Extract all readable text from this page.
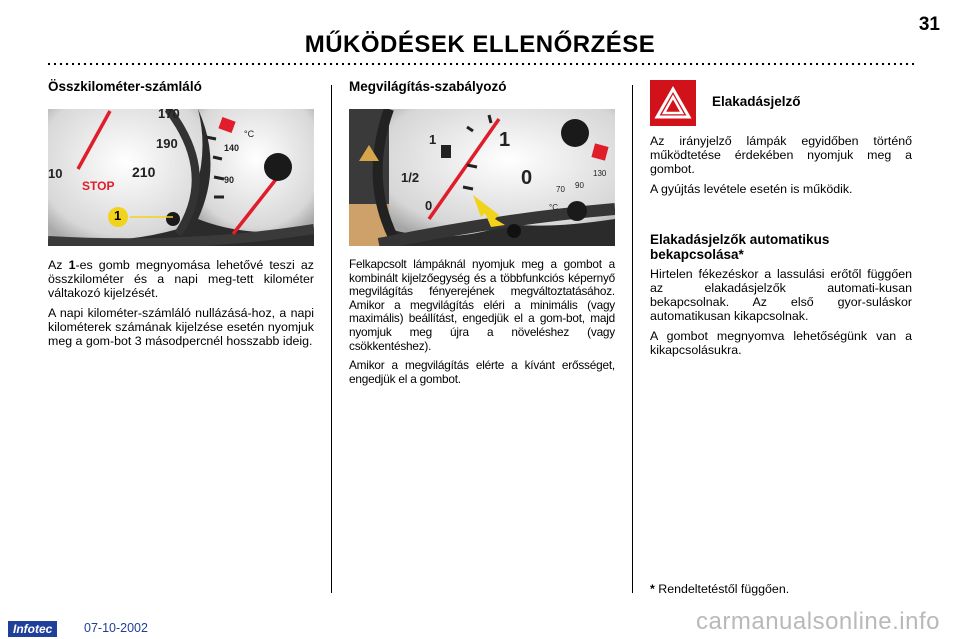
31
MŰKÖDÉSEK ELLENŐRZÉSE
Összkilométer-számláló
170
190
210
10
140
90
°C
STOP
1

Az 1-es gomb megnyomása lehetővé teszi az összkilométer és a napi meg-tett kilométer váltakozó kijelzését.

A napi kilométer-számláló nullázásá-hoz, a napi kilométerek számának kijelzése esetén nyomjuk meg a gom-bot 3 másodpercnél hosszabb ideig.

Megvilágítás-szabályozó
1
1/2
0
1
0
70 90
130
°C

Felkapcsolt lámpáknál nyomjuk meg a gombot a kombinált kijelzőegység és a többfunkciós képernyő megvilágítás fényerejének megváltoztatásához. Amikor a megvilágítás eléri a minimális (vagy maximális) beállítást, engedjük el a gom-bot, majd nyomjuk meg újra a növeléshez (vagy csökkentéshez).

Amikor a megvilágítás elérte a kívánt erősséget, engedjük el a gombot.

Elakadásjelző

Az irányjelző lámpák egyidőben történő működtetése érdekében nyomjuk meg a gombot.

A gyújtás levétele esetén is működik.

Elakadásjelzők automatikus bekapcsolása*

Hirtelen fékezéskor a lassulási erőtől függően az elakadásjelzők automati-kusan bekapcsolnak. Az első gyor-suláskor automatikusan kikapcsolnak.

A gombot megnyomva lehetőségünk van a kikapcsolásukra.

* Rendeltetéstől függően.
Infotec	07-10-2002	carmanualsonline.info
